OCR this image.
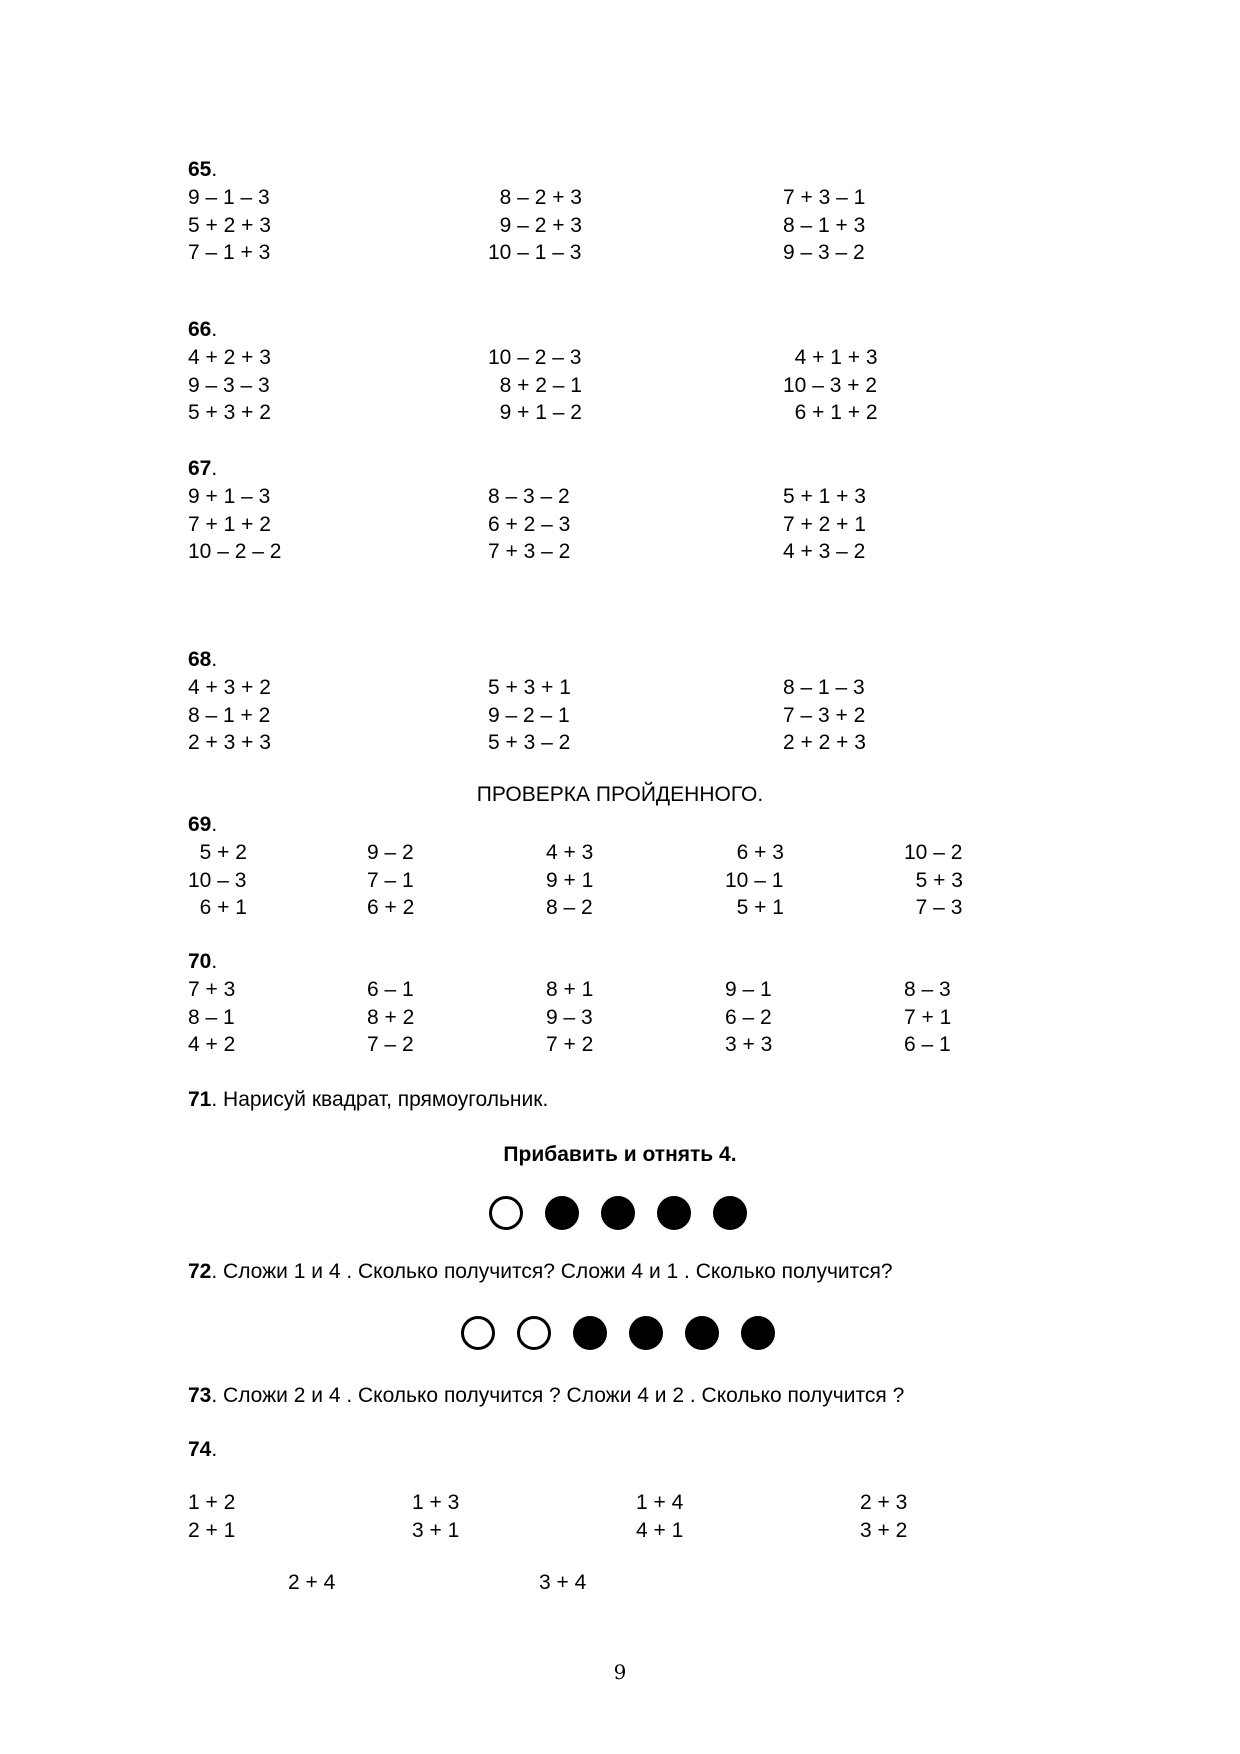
65.
9 – 1 – 3
5 + 2 + 3
7 – 1 + 3
8 – 2 + 3
9 – 2 + 3
10 – 1 – 3
7 + 3 – 1
8 – 1 + 3
9 – 3 – 2
66.
4 + 2 + 3
9 – 3 – 3
5 + 3 + 2
10 – 2 – 3
8 + 2 – 1
9 + 1 – 2
4 + 1 + 3
10 – 3 + 2
6 + 1 + 2
67.
9 + 1 – 3
7 + 1 + 2
10 – 2 – 2
8 – 3 – 2
6 + 2 – 3
7 + 3 – 2
5 + 1 + 3
7 + 2 + 1
4 + 3 – 2
68.
4 + 3 + 2
8 – 1 + 2
2 + 3 + 3
5 + 3 + 1
9 – 2 – 1
5 + 3 – 2
8 – 1 – 3
7 – 3 + 2
2 + 2 + 3
ПРОВЕРКА ПРОЙДЕННОГО.
69.
5 + 2
10 – 3
6 + 1
9 – 2
7 – 1
6 + 2
4 + 3
9 + 1
8 – 2
6 + 3
10 – 1
5 + 1
10 – 2
5 + 3
7 – 3
70.
7 + 3
8 – 1
4 + 2
6 – 1
8 + 2
7 – 2
8 + 1
9 – 3
7 + 2
9 – 1
6 – 2
3 + 3
8 – 3
7 + 1
6 – 1
71. Нарисуй квадрат, прямоугольник.
Прибавить и отнять 4.
72. Сложи 1 и 4 . Сколько получится? Сложи 4 и 1 . Сколько получится?
73. Сложи 2 и 4 . Сколько получится ? Сложи 4 и 2 . Сколько получится ?
74.
1 + 2
2 + 1
1 + 3
3 + 1
1 + 4
4 + 1
2 + 3
3 + 2
2 + 4	3 + 4
9
